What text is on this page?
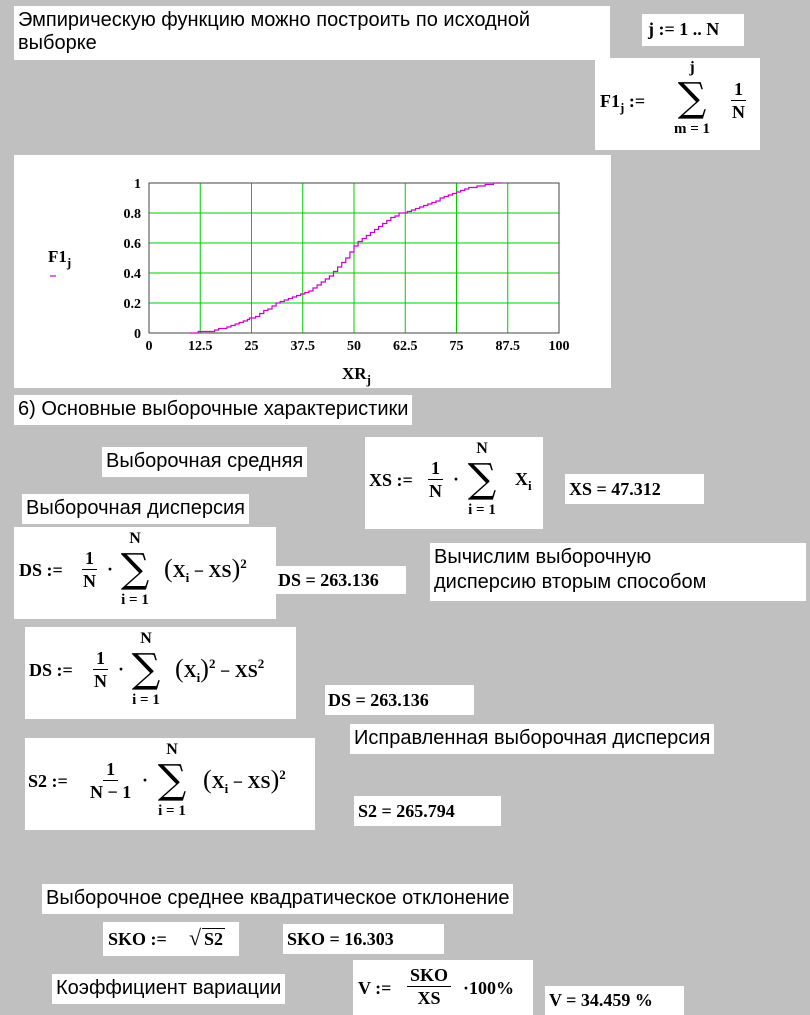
Эмпирическую функцию можно построить по исходной
выборке
j := 1 .. N
$F1_j$ :=
j
∑
m = 1
$\frac{1}{N}$
0	12.5 25 37.5 50 62.5 75 87.5 100
0
0.2
0.4
0.6
0.8
1
$F1_j$
$XR_j$
6) Основные выборочные характеристики
Выборочная средняя
XS := $\frac{1}{N}$ ·
N
∑
i = 1
$X_i$ XS = 47.312
Выборочная дисперсия
DS := $\frac{1}{N}$ ·
N
∑
i = 1
$(X_i - XS)^2$
DS = 263.136
Вычислим выборочную
дисперсию вторым способом
DS := $\frac{1}{N}$ ·
N
∑
i = 1
$(X_i)^2 - XS^2$
DS = 263.136
Исправленная выборочная дисперсия
S2 := $\frac{1}{N - 1}$ ·
N
∑
i = 1
$(X_i - XS)^2$
S2 = 265.794
Выборочное среднее квадратическое отклонение
SKO := √ S2	SKO = 16.303
Коэффициент вариации	V := $\frac{\text{SKO}}{XS} \cdot 100\%$
V = 34.459 %
